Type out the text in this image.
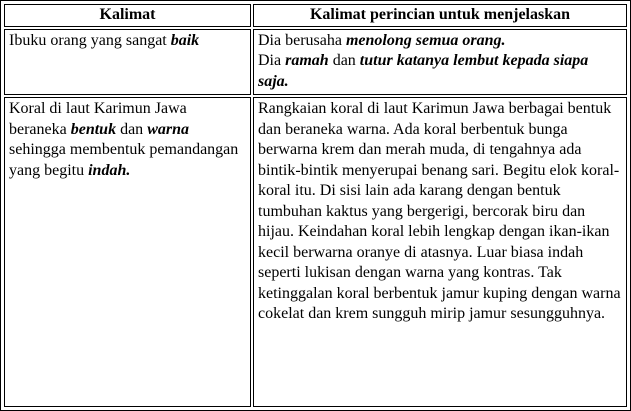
Kalimat	Kalimat perincian untuk menjelaskan
Ibuku orang yang sangat baik	Dia berusaha menolong semua orang.
Dia ramah dan tutur katanya lembut kepada siapa saja.

Koral di laut Karimun Jawa beraneka bentuk dan warna sehingga membentuk pemandangan yang begitu indah.	Rangkaian koral di laut Karimun Jawa berbagai bentuk dan beraneka warna. Ada koral berbentuk bunga berwarna krem dan merah muda, di tengahnya ada bintik-bintik menyerupai benang sari. Begitu elok koral-koral itu. Di sisi lain ada karang dengan bentuk tumbuhan kaktus yang bergerigi, bercorak biru dan hijau. Keindahan koral lebih lengkap dengan ikan-ikan kecil berwarna oranye di atasnya. Luar biasa indah seperti lukisan dengan warna yang kontras. Tak ketinggalan koral berbentuk jamur kuping dengan warna cokelat dan krem sungguh mirip jamur sesungguhnya.
